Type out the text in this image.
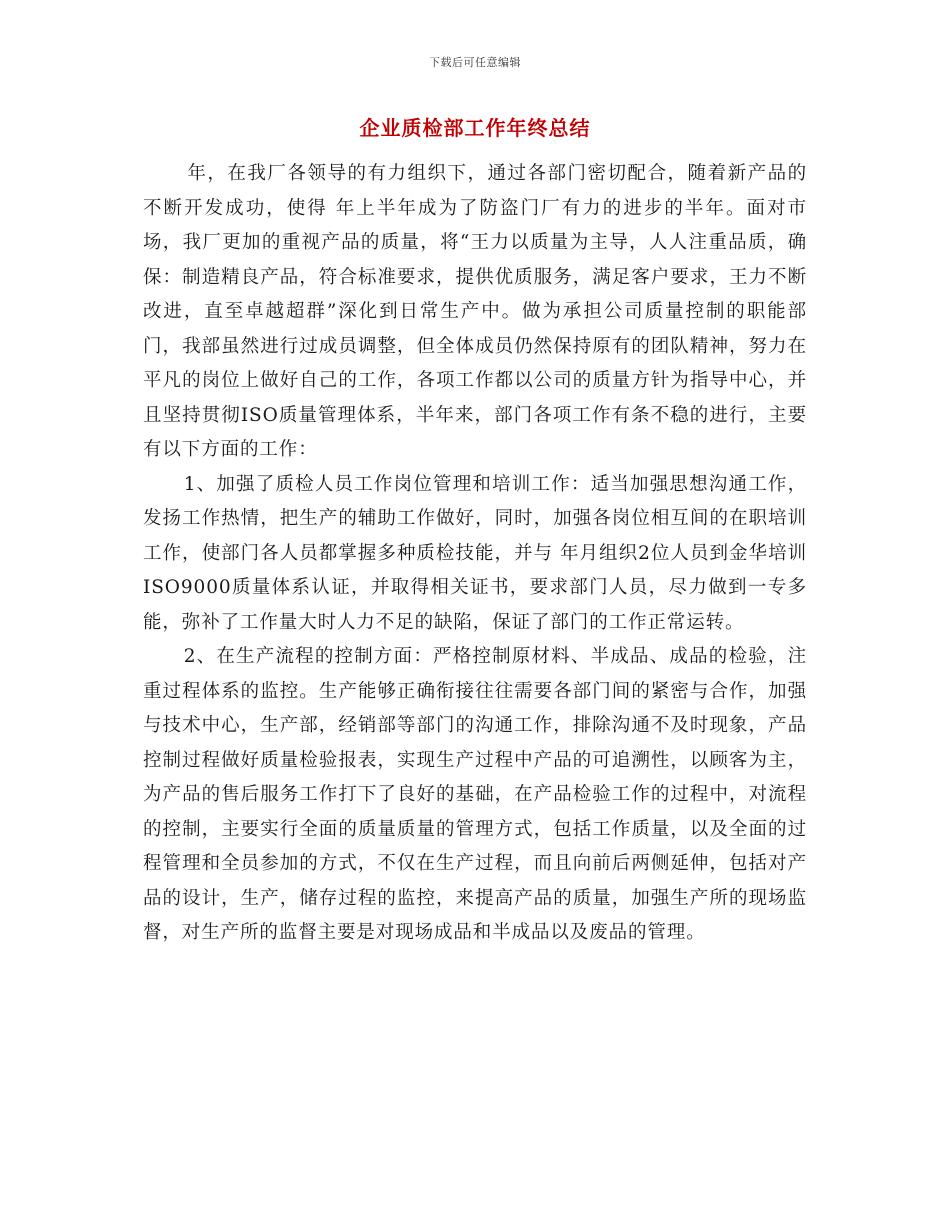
下载后可任意编辑
企业质检部工作年终总结

年，在我厂各领导的有力组织下，通过各部门密切配合，随着新产品的不断开发成功，使得 年上半年成为了防盗门厂有力的进步的半年。面对市场，我厂更加的重视产品的质量，将“王力以质量为主导，人人注重品质，确保：制造精良产品，符合标准要求，提供优质服务，满足客户要求，王力不断改进，直至卓越超群”深化到日常生产中。做为承担公司质量控制的职能部门，我部虽然进行过成员调整，但全体成员仍然保持原有的团队精神，努力在平凡的岗位上做好自己的工作，各项工作都以公司的质量方针为指导中心，并且坚持贯彻ISO质量管理体系，半年来，部门各项工作有条不稳的进行，主要有以下方面的工作：

1、加强了质检人员工作岗位管理和培训工作：适当加强思想沟通工作，发扬工作热情，把生产的辅助工作做好，同时，加强各岗位相互间的在职培训工作，使部门各人员都掌握多种质检技能，并与 年月组织2位人员到金华培训ISO9000质量体系认证，并取得相关证书，要求部门人员，尽力做到一专多能，弥补了工作量大时人力不足的缺陷，保证了部门的工作正常运转。

2、在生产流程的控制方面：严格控制原材料、半成品、成品的检验，注重过程体系的监控。生产能够正确衔接往往需要各部门间的紧密与合作，加强与技术中心，生产部，经销部等部门的沟通工作，排除沟通不及时现象，产品控制过程做好质量检验报表，实现生产过程中产品的可追溯性，以顾客为主，为产品的售后服务工作打下了良好的基础，在产品检验工作的过程中，对流程的控制，主要实行全面的质量质量的管理方式，包括工作质量，以及全面的过程管理和全员参加的方式，不仅在生产过程，而且向前后两侧延伸，包括对产品的设计，生产，储存过程的监控，来提高产品的质量，加强生产所的现场监督，对生产所的监督主要是对现场成品和半成品以及废品的管理。
